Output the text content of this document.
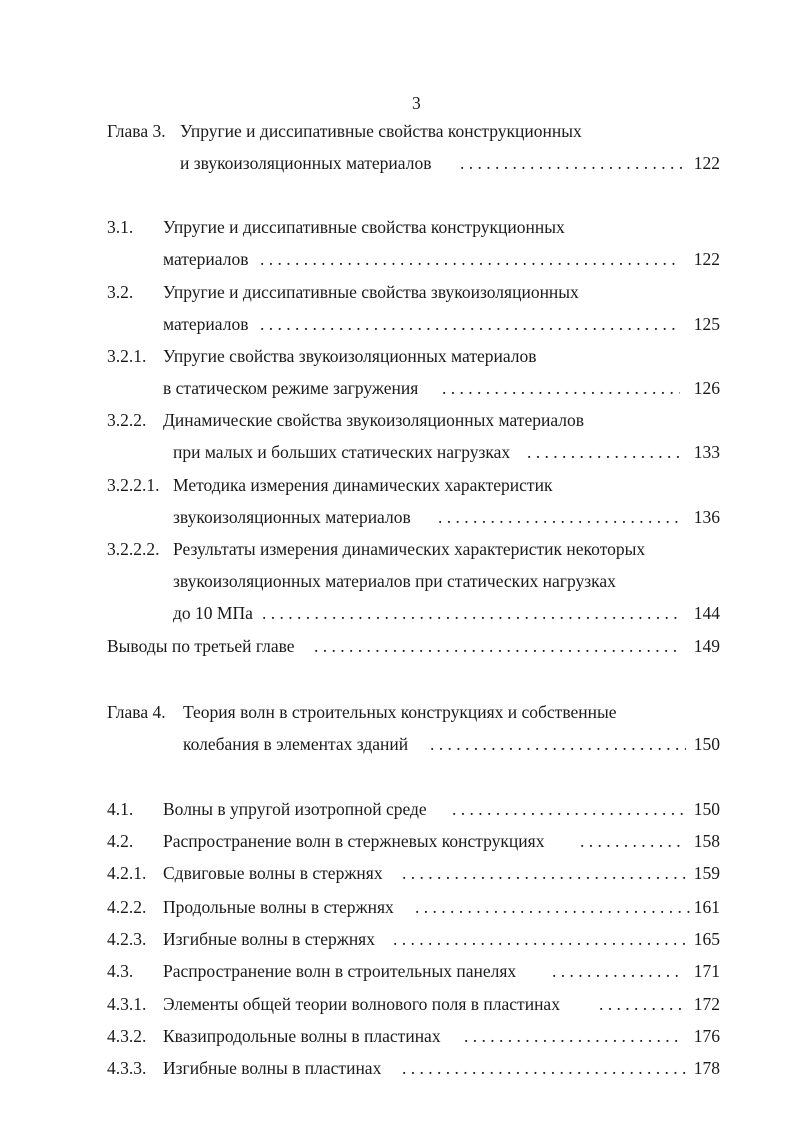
3
Глава 3. Упругие и диссипативные свойства конструкционных
и звукоизоляционных материалов . . .	122
3.1. Упругие и диссипативные свойства конструкционных
материалов . . .	122
3.2. Упругие и диссипативные свойства звукоизоляционных
материалов . . .	125
3.2.1. Упругие свойства звукоизоляционных материалов
в статическом режиме загружения . . .	126
3.2.2. Динамические свойства звукоизоляционных материалов
при малых и больших статических нагрузках . . .	133
3.2.2.1. Методика измерения динамических характеристик
звукоизоляционных материалов . . .	136
3.2.2.2. Результаты измерения динамических характеристик некоторых
звукоизоляционных материалов при статических нагрузках
до 10 МПа . . .	144
Выводы по третьей главе . . .	149
Глава 4. Теория волн в строительных конструкциях и собственные
колебания в элементах зданий . . .	150
4.1. Волны в упругой изотропной среде . . .	150
4.2. Распространение волн в стержневых конструкциях . . .	158
4.2.1. Сдвиговые волны в стержнях . . .	159
4.2.2. Продольные волны в стержнях . . .	161
4.2.3. Изгибные волны в стержнях . . .	165
4.3. Распространение волн в строительных панелях . . .	171
4.3.1. Элементы общей теории волнового поля в пластинах . . .	172
4.3.2. Квазипродольные волны в пластинах . . .	176
4.3.3. Изгибные волны в пластинах . . .	178
